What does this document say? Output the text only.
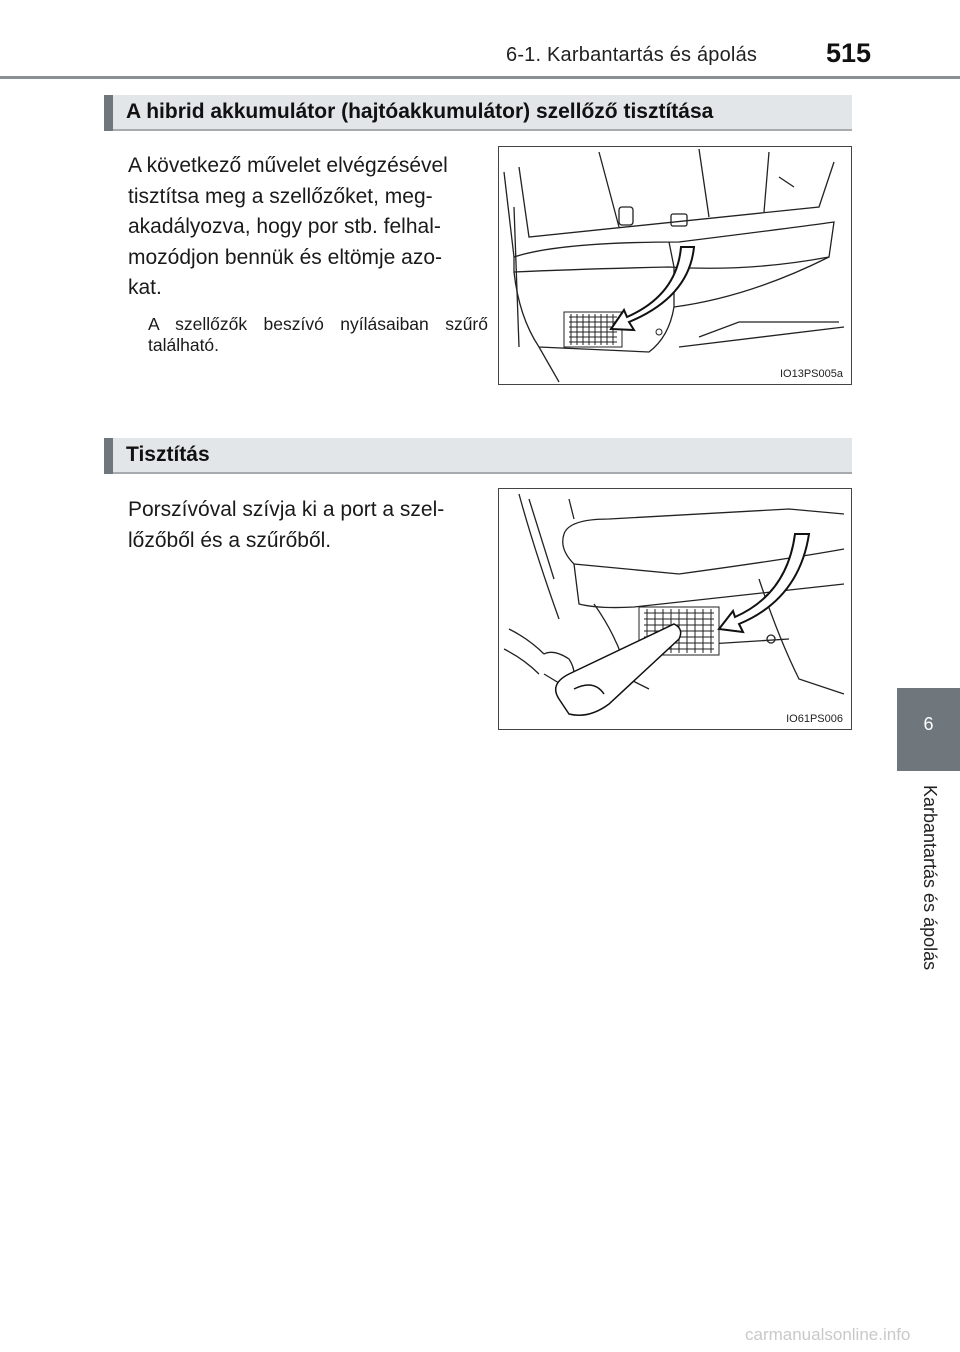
6-1. Karbantartás és ápolás	515
A hibrid akkumulátor (hajtóakkumulátor) szellőző tisztítása
A következő művelet elvégzésével
tisztítsa meg a szellőzőket, meg-
akadályozva, hogy por stb. felhal-
mozódjon bennük és eltömje azo-
kat.
A szellőzők beszívó nyílásaiban szűrő található.
IO13PS005a
Tisztítás
Porszívóval szívja ki a port a szel-
lőzőből és a szűrőből.
IO61PS006	6
Karbantartás és ápolás
carmanualsonline.info
